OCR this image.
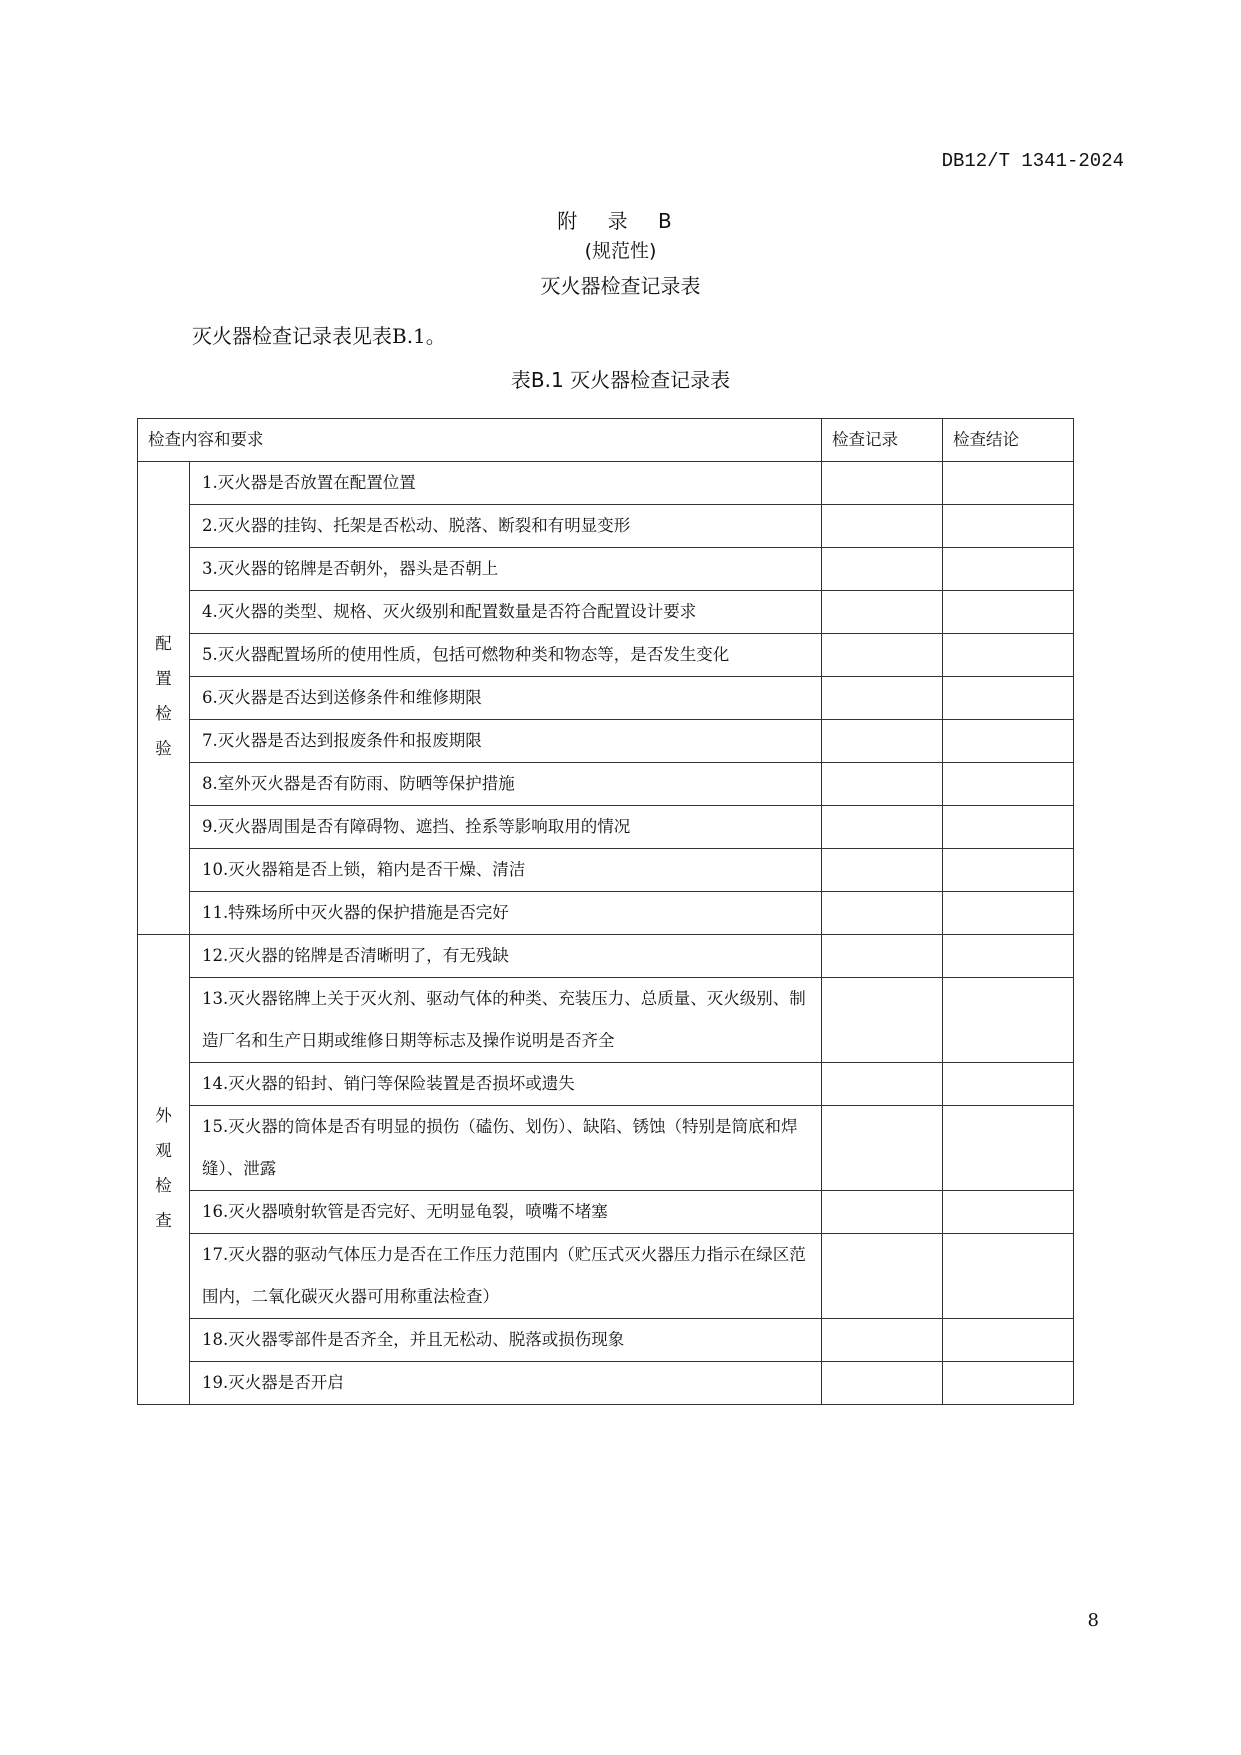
DB12/T 1341-2024
附 录 B
(规范性)
灭火器检查记录表
灭火器检查记录表见表B.1。
表B.1 灭火器检查记录表
检查内容和要求		检查记录	检查结论
配置检验	1.灭火器是否放置在配置位置		
	2.灭火器的挂钩、托架是否松动、脱落、断裂和有明显变形		
	3.灭火器的铭牌是否朝外，器头是否朝上		
	4.灭火器的类型、规格、灭火级别和配置数量是否符合配置设计要求		
	5.灭火器配置场所的使用性质，包括可燃物种类和物态等，是否发生变化		
	6.灭火器是否达到送修条件和维修期限		
	7.灭火器是否达到报废条件和报废期限		
	8.室外灭火器是否有防雨、防晒等保护措施		
	9.灭火器周围是否有障碍物、遮挡、拴系等影响取用的情况		
	10.灭火器箱是否上锁，箱内是否干燥、清洁		
	11.特殊场所中灭火器的保护措施是否完好		
外观检查	12.灭火器的铭牌是否清晰明了，有无残缺		
	13.灭火器铭牌上关于灭火剂、驱动气体的种类、充装压力、总质量、灭火级别、制造厂名和生产日期或维修日期等标志及操作说明是否齐全		
	14.灭火器的铅封、销闩等保险装置是否损坏或遗失		
	15.灭火器的筒体是否有明显的损伤（磕伤、划伤）、缺陷、锈蚀（特别是筒底和焊缝）、泄露		
	16.灭火器喷射软管是否完好、无明显龟裂，喷嘴不堵塞		
	17.灭火器的驱动气体压力是否在工作压力范围内（贮压式灭火器压力指示在绿区范围内，二氧化碳灭火器可用称重法检查）		
	18.灭火器零部件是否齐全，并且无松动、脱落或损伤现象		
	19.灭火器是否开启		
8
